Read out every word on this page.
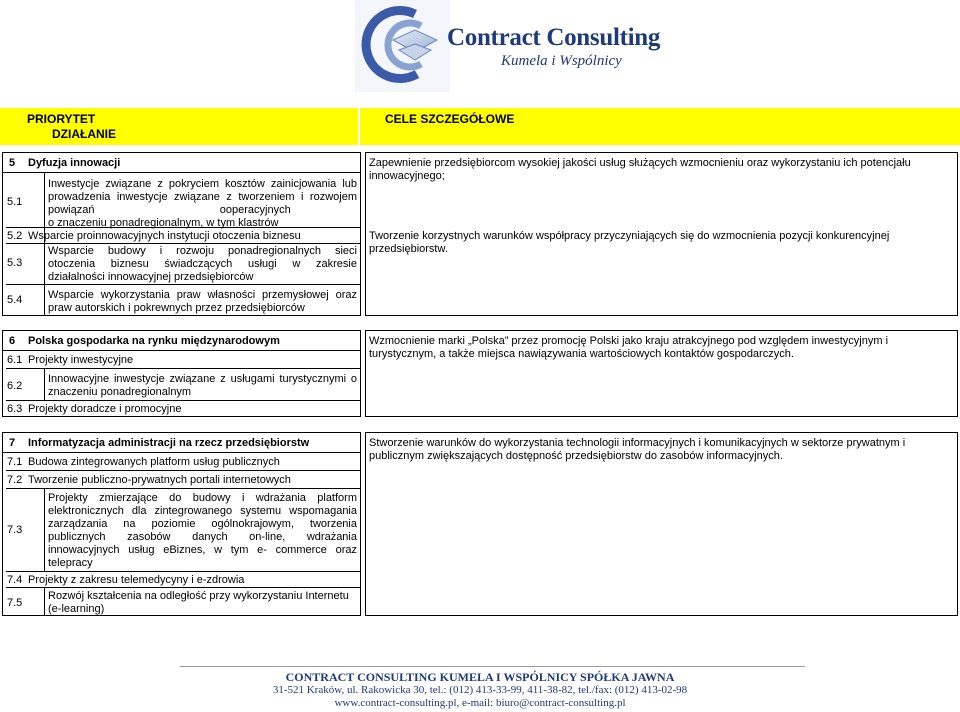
Contract Consulting
Kumela i Wspólnicy
PRIORYTET
DZIAŁANIE
CELE SZCZEGÓŁOWE
5 Dyfuzja innowacji
5.1
Inwestycje związane z pokryciem kosztów zainicjowania lub
prowadzenia inwestycje związane z tworzeniem i rozwojem
powiązań                                         ooperacyjnych
o znaczeniu ponadregionalnym, w tym klastrów
5.2 Wsparcie proinnowacyjnych instytucji otoczenia biznesu
5.3
Wsparcie budowy i rozwoju ponadregionalnych sieci
otoczenia biznesu świadczących usługi w zakresie
działalności innowacyjnej przedsiębiorców
5.4 Wsparcie wykorzystania praw własności przemysłowej oraz
praw autorskich i pokrewnych przez przedsiębiorców
Zapewnienie przedsiębiorcom wysokiej jakości usług służących wzmocnieniu oraz wykorzystaniu ich potencjału
innowacyjnego;
Tworzenie korzystnych warunków współpracy przyczyniających się do wzmocnienia pozycji konkurencyjnej
przedsiębiorstw.
6 Polska gospodarka na rynku międzynarodowym
6.1 Projekty inwestycyjne
6.2
Innowacyjne inwestycje związane z usługami turystycznymi o
znaczeniu ponadregionalnym
6.3 Projekty doradcze i promocyjne
Wzmocnienie marki „Polska” przez promocję Polski jako kraju atrakcyjnego pod względem inwestycyjnym i
turystycznym, a także miejsca nawiązywania wartościowych kontaktów gospodarczych.
7 Informatyzacja administracji na rzecz przedsiębiorstw
7.1 Budowa zintegrowanych platform usług publicznych
7.2 Tworzenie publiczno-prywatnych portali internetowych
7.3
Projekty zmierzające do budowy i wdrażania platform
elektronicznych dla zintegrowanego systemu wspomagania
zarządzania na poziomie ogólnokrajowym, tworzenia
publicznych zasobów danych on-line, wdrażania
innowacyjnych usług eBiznes, w tym e- commerce oraz
telepracy
7.4 Projekty z zakresu telemedycyny i e-zdrowia
7.5
Rozwój kształcenia na odległość przy wykorzystaniu Internetu
(e-learning)
Stworzenie warunków do wykorzystania technologii informacyjnych i komunikacyjnych w sektorze prywatnym i
publicznym zwiększających dostępność przedsiębiorstw do zasobów informacyjnych.
CONTRACT CONSULTING KUMELA I WSPÓLNICY SPÓŁKA JAWNA
31-521 Kraków, ul. Rakowicka 30, tel.: (012) 413-33-99, 411-38-82, tel./fax: (012) 413-02-98
www.contract-consulting.pl, e-mail: biuro@contract-consulting.pl
